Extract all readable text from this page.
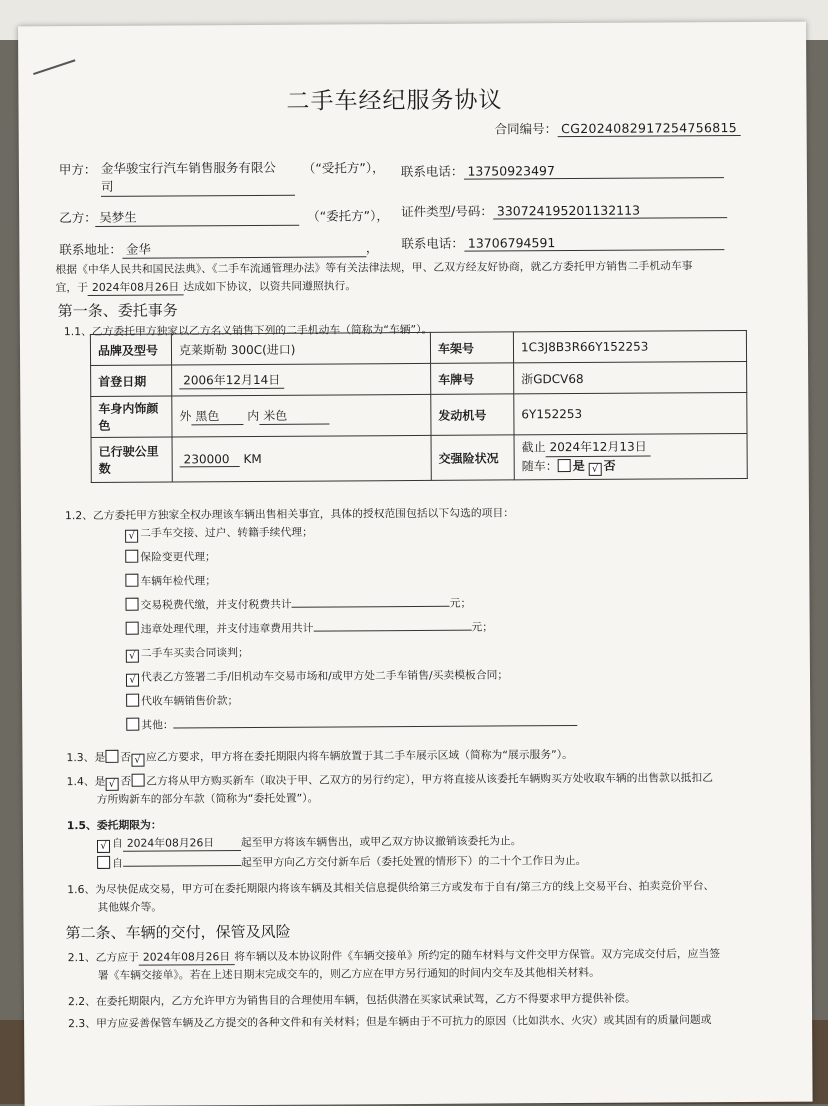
二手车经纪服务协议
合同编号： CG2024082917254756815
甲方： 金华骏宝行汽车销售服务有限公
司
（“受托方”）， 联系电话： 13750923497
乙方： 吴梦生	（“委托方”）， 证件类型/号码： 330724195201132113
联系地址： 金华	， 联系电话： 13706794591
根据《中华人民共和国民法典》、《二手车流通管理办法》等有关法律法规，甲、乙双方经友好协商，就乙方委托甲方销售二手机动车事
宜，于 2024年08月26日 达成如下协议，以资共同遵照执行。
第一条、委托事务
1.1、乙方委托甲方独家以乙方名义销售下列的二手机动车（简称为“车辆”）。
品牌及型号	克莱斯勒 300C(进口)	车架号	1C3J8B3R66Y152253
首登日期	2006年12月14日	车牌号	浙GDCV68
车身内饰颜色	外 黑色 内 米色	发动机号	6Y152253
已行驶公里数	230000 KM	交强险状况	截止 2024年12月13日
随车： 是 √ 否
1.2、乙方委托甲方独家全权办理该车辆出售相关事宜，具体的授权范围包括以下勾选的项目：
√ 二手车交接、过户、转籍手续代理；
保险变更代理；
车辆年检代理；
交易税费代缴，并支付税费共计	元；
违章处理代理，并支付违章费用共计	元；
√ 二手车买卖合同谈判；
√ 代表乙方签署二手/旧机动车交易市场和/或甲方处二手车销售/买卖模板合同；
代收车辆销售价款；
其他：
1.3、是 否 √ 应乙方要求，甲方将在委托期限内将车辆放置于其二手车展示区域（简称为“展示服务”）。
1.4、是 √ 否 乙方将从甲方购买新车（取决于甲、乙双方的另行约定），甲方将直接从该委托车辆购买方处收取车辆的出售款以抵扣乙
方所购新车的部分车款（简称为“委托处置”）。
1.5、委托期限为：
√ 自 2024年08月26日 起至甲方将该车辆售出，或甲乙双方协议撤销该委托为止。
自	起至甲方向乙方交付新车后（委托处置的情形下）的二十个工作日为止。
1.6、为尽快促成交易，甲方可在委托期限内将该车辆及其相关信息提供给第三方或发布于自有/第三方的线上交易平台、拍卖竞价平台、
其他媒介等。
第二条、车辆的交付，保管及风险
2.1、乙方应于 2024年08月26日 将车辆以及本协议附件《车辆交接单》所约定的随车材料与文件交甲方保管。双方完成交付后，应当签
署《车辆交接单》。若在上述日期末完成交车的，则乙方应在甲方另行通知的时间内交车及其他相关材料。
2.2、在委托期限内，乙方允许甲方为销售目的合理使用车辆，包括供潜在买家试乘试驾，乙方不得要求甲方提供补偿。
2.3、甲方应妥善保管车辆及乙方提交的各种文件和有关材料；但是车辆由于不可抗力的原因（比如洪水、火灾）或其固有的质量问题或
